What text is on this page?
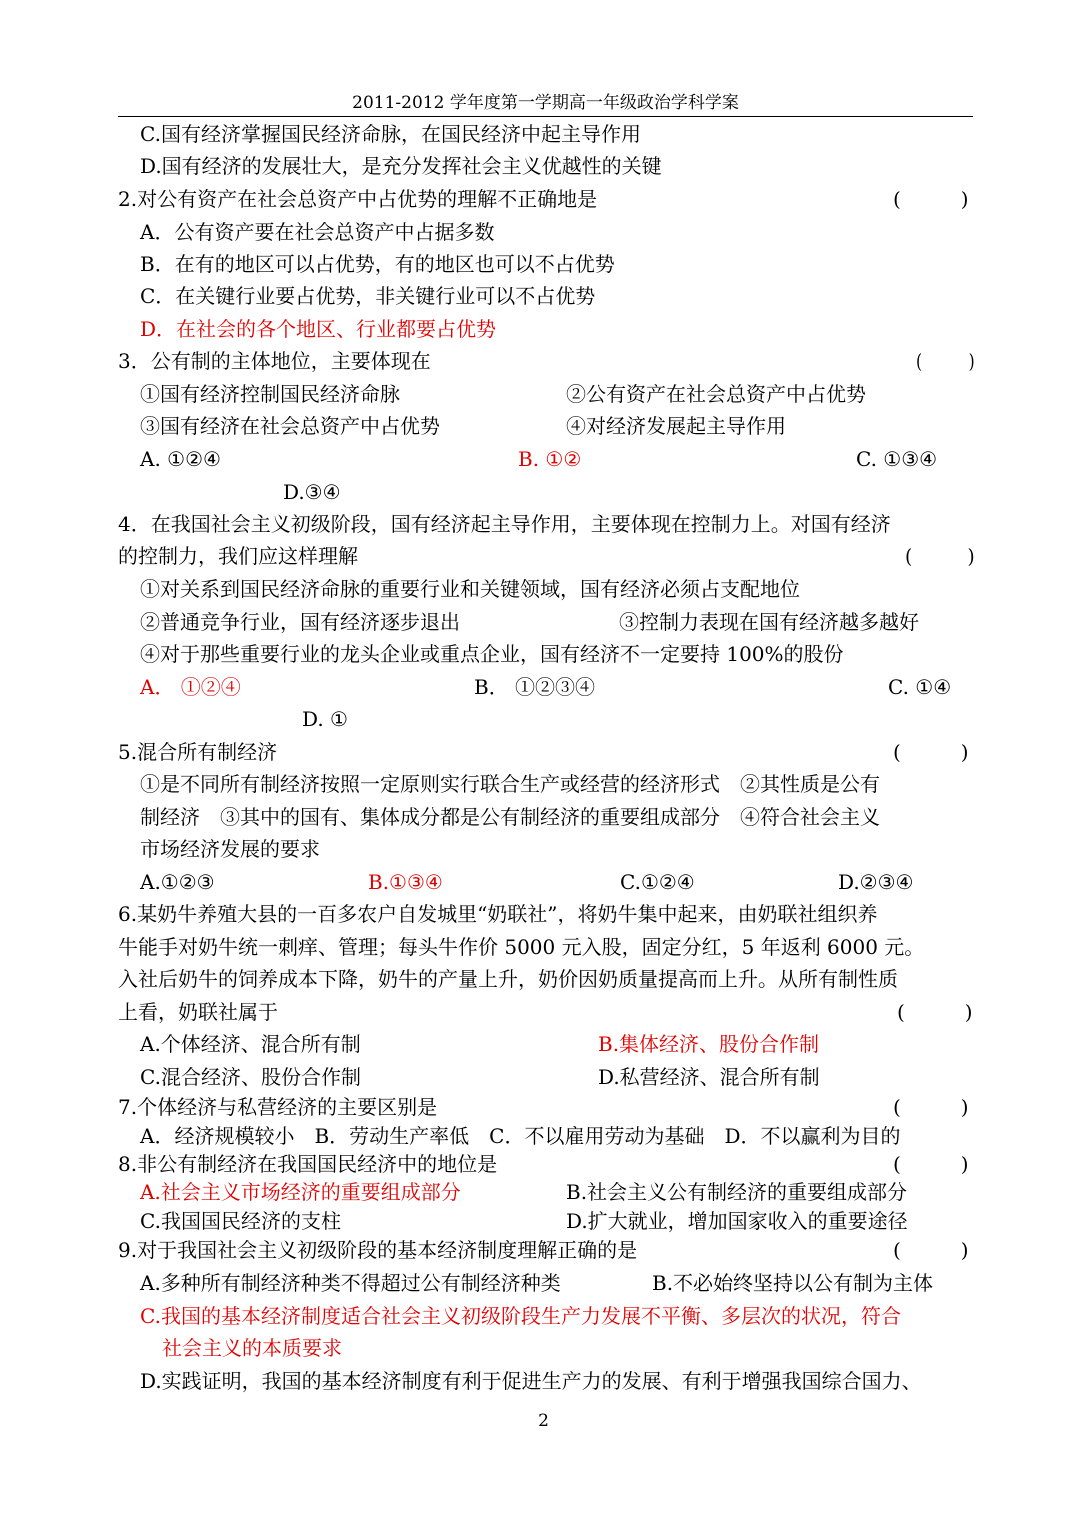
2011-2012 学年度第一学期高一年级政治学科学案
C.国有经济掌握国民经济命脉，在国民经济中起主导作用
D.国有经济的发展壮大，是充分发挥社会主义优越性的关键
2.对公有资产在社会总资产中占优势的理解不正确地是	(　　　)
A．公有资产要在社会总资产中占据多数
B．在有的地区可以占优势，有的地区也可以不占优势
C．在关键行业要占优势，非关键行业可以不占优势
D．在社会的各个地区、行业都要占优势
3．公有制的主体地位，主要体现在	(　　　)
①国有经济控制国民经济命脉	②公有资产在社会总资产中占优势
③国有经济在社会总资产中占优势	④对经济发展起主导作用
A. ①②④	B. ①②	C. ①③④
D.③④
4．在我国社会主义初级阶段，国有经济起主导作用，主要体现在控制力上。对国有经济
的控制力，我们应这样理解	(　　　)
①对关系到国民经济命脉的重要行业和关键领域，国有经济必须占支配地位
②普通竞争行业，国有经济逐步退出	③控制力表现在国有经济越多越好
④对于那些重要行业的龙头企业或重点企业，国有经济不一定要持 100%的股份
A． ①②④	B． ①②③④	C. ①④
D. ①
5.混合所有制经济	(　　　)
①是不同所有制经济按照一定原则实行联合生产或经营的经济形式　②其性质是公有
制经济　③其中的国有、集体成分都是公有制经济的重要组成部分　④符合社会主义
市场经济发展的要求
A.①②③	B.①③④	C.①②④	D.②③④
6.某奶牛养殖大县的一百多农户自发城里“奶联社”，将奶牛集中起来，由奶联社组织养
牛能手对奶牛统一刺痒、管理；每头牛作价 5000 元入股，固定分红，5 年返利 6000 元。
入社后奶牛的饲养成本下降，奶牛的产量上升，奶价因奶质量提高而上升。从所有制性质
上看，奶联社属于	(　　　)
A.个体经济、混合所有制	B.集体经济、股份合作制
C.混合经济、股份合作制	D.私营经济、混合所有制
7.个体经济与私营经济的主要区别是	(　　　)
A．经济规模较小　B．劳动生产率低　C．不以雇用劳动为基础　D．不以赢利为目的
8.非公有制经济在我国国民经济中的地位是	(　　　)
A.社会主义市场经济的重要组成部分	B.社会主义公有制经济的重要组成部分
C.我国国民经济的支柱	D.扩大就业，增加国家收入的重要途径
9.对于我国社会主义初级阶段的基本经济制度理解正确的是	(　　　)
A.多种所有制经济种类不得超过公有制经济种类	B.不必始终坚持以公有制为主体
C.我国的基本经济制度适合社会主义初级阶段生产力发展不平衡、多层次的状况，符合
社会主义的本质要求
D.实践证明，我国的基本经济制度有利于促进生产力的发展、有利于增强我国综合国力、
2
